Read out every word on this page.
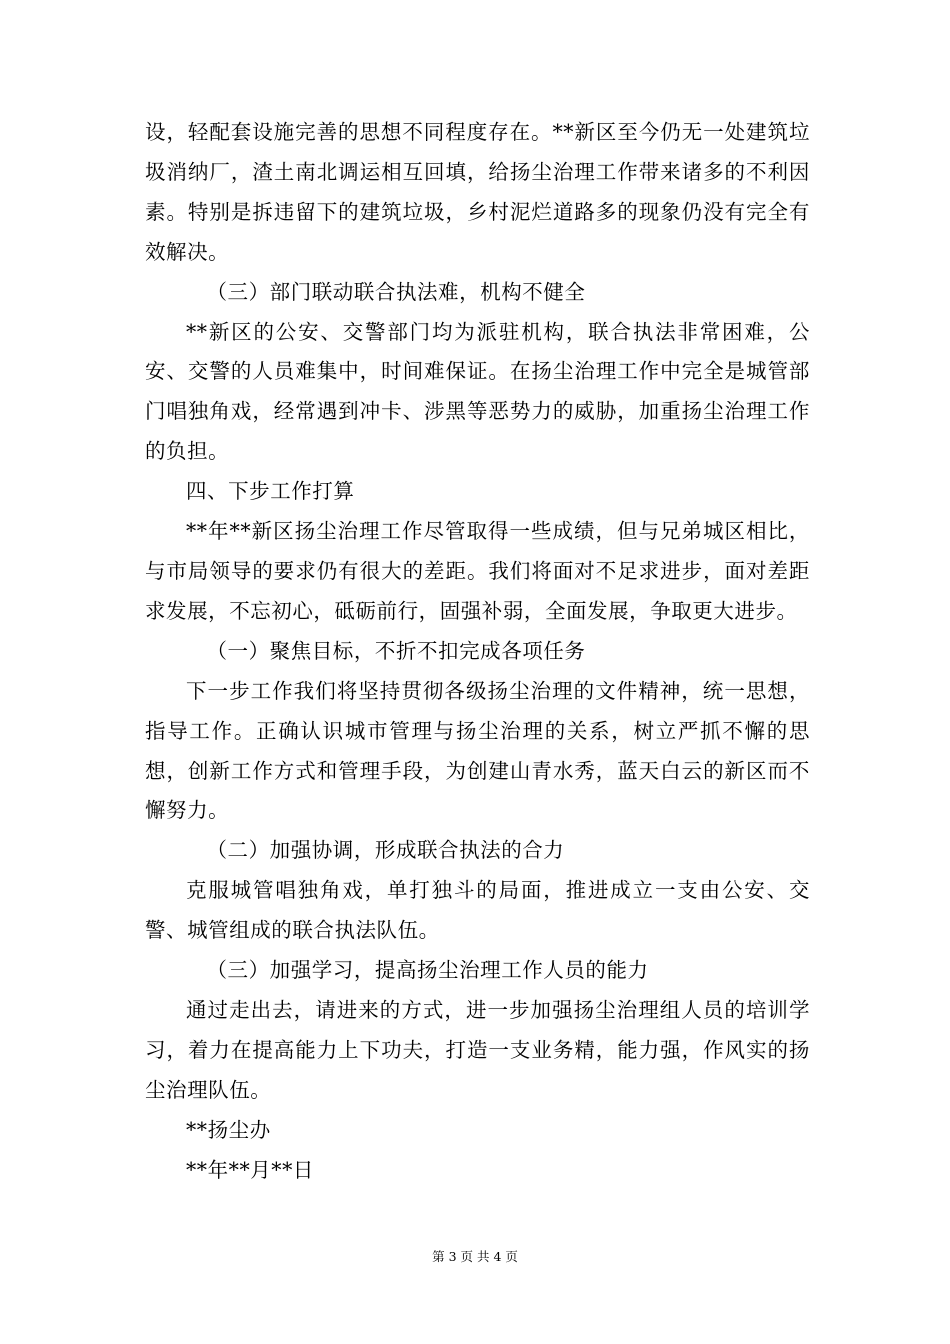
设，轻配套设施完善的思想不同程度存在。**新区至今仍无一处建筑垃圾消纳厂，渣土南北调运相互回填，给扬尘治理工作带来诸多的不利因素。特别是拆违留下的建筑垃圾，乡村泥烂道路多的现象仍没有完全有效解决。

（三）部门联动联合执法难，机构不健全

**新区的公安、交警部门均为派驻机构，联合执法非常困难，公安、交警的人员难集中，时间难保证。在扬尘治理工作中完全是城管部门唱独角戏，经常遇到冲卡、涉黑等恶势力的威胁，加重扬尘治理工作的负担。

四、下步工作打算

**年**新区扬尘治理工作尽管取得一些成绩，但与兄弟城区相比，与市局领导的要求仍有很大的差距。我们将面对不足求进步，面对差距求发展，不忘初心，砥砺前行，固强补弱，全面发展，争取更大进步。

（一）聚焦目标，不折不扣完成各项任务

下一步工作我们将坚持贯彻各级扬尘治理的文件精神，统一思想，指导工作。正确认识城市管理与扬尘治理的关系，树立严抓不懈的思想，创新工作方式和管理手段，为创建山青水秀，蓝天白云的新区而不懈努力。

（二）加强协调，形成联合执法的合力

克服城管唱独角戏，单打独斗的局面，推进成立一支由公安、交警、城管组成的联合执法队伍。

（三）加强学习，提高扬尘治理工作人员的能力

通过走出去，请进来的方式，进一步加强扬尘治理组人员的培训学习，着力在提高能力上下功夫，打造一支业务精，能力强，作风实的扬尘治理队伍。

**扬尘办

**年**月**日

第 3 页 共 4 页
